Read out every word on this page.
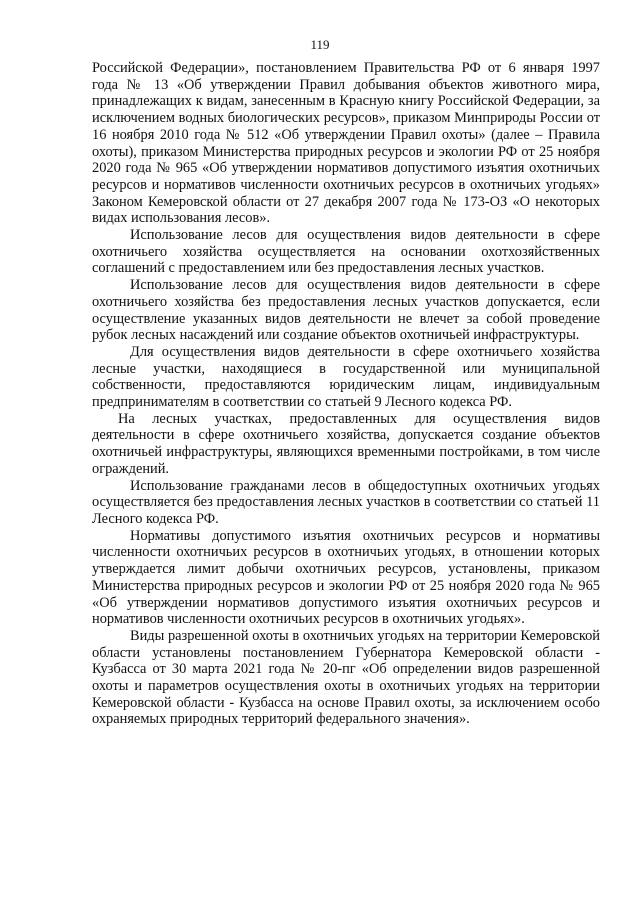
119

Российской Федерации», постановлением Правительства РФ от 6 января 1997 года № 13 «Об утверждении Правил добывания объектов животного мира, принадлежащих к видам, занесенным в Красную книгу Российской Федерации, за исключением водных биологических ресурсов», приказом Минприроды России от 16 ноября 2010 года № 512 «Об утверждении Правил охоты» (далее – Правила охоты), приказом Министерства природных ресурсов и экологии РФ от 25 ноября 2020 года № 965 «Об утверждении нормативов допустимого изъятия охотничьих ресурсов и нормативов численности охотничьих ресурсов в охотничьих угодьях» Законом Кемеровской области от 27 декабря 2007 года № 173-ОЗ «О некоторых видах использования лесов».

Использование лесов для осуществления видов деятельности в сфере охотничьего хозяйства осуществляется на основании охотхозяйственных соглашений с предоставлением или без предоставления лесных участков.

Использование лесов для осуществления видов деятельности в сфере охотничьего хозяйства без предоставления лесных участков допускается, если осуществление указанных видов деятельности не влечет за собой проведение рубок лесных насаждений или создание объектов охотничьей инфраструктуры.

Для осуществления видов деятельности в сфере охотничьего хозяйства лесные участки, находящиеся в государственной или муниципальной собственности, предоставляются юридическим лицам, индивидуальным предпринимателям в соответствии со статьей 9 Лесного кодекса РФ.

На лесных участках, предоставленных для осуществления видов деятельности в сфере охотничьего хозяйства, допускается создание объектов охотничьей инфраструктуры, являющихся временными постройками, в том числе ограждений.

Использование гражданами лесов в общедоступных охотничьих угодьях осуществляется без предоставления лесных участков в соответствии со статьей 11 Лесного кодекса РФ.

Нормативы допустимого изъятия охотничьих ресурсов и нормативы численности охотничьих ресурсов в охотничьих угодьях, в отношении которых утверждается лимит добычи охотничьих ресурсов, установлены, приказом Министерства природных ресурсов и экологии РФ от 25 ноября 2020 года № 965 «Об утверждении нормативов допустимого изъятия охотничьих ресурсов и нормативов численности охотничьих ресурсов в охотничьих угодьях».

Виды разрешенной охоты в охотничьих угодьях на территории Кемеровской области установлены постановлением Губернатора Кемеровской области - Кузбасса от 30 марта 2021 года № 20-пг «Об определении видов разрешенной охоты и параметров осуществления охоты в охотничьих угодьях на территории Кемеровской области - Кузбасса на основе Правил охоты, за исключением особо охраняемых природных территорий федерального значения».
